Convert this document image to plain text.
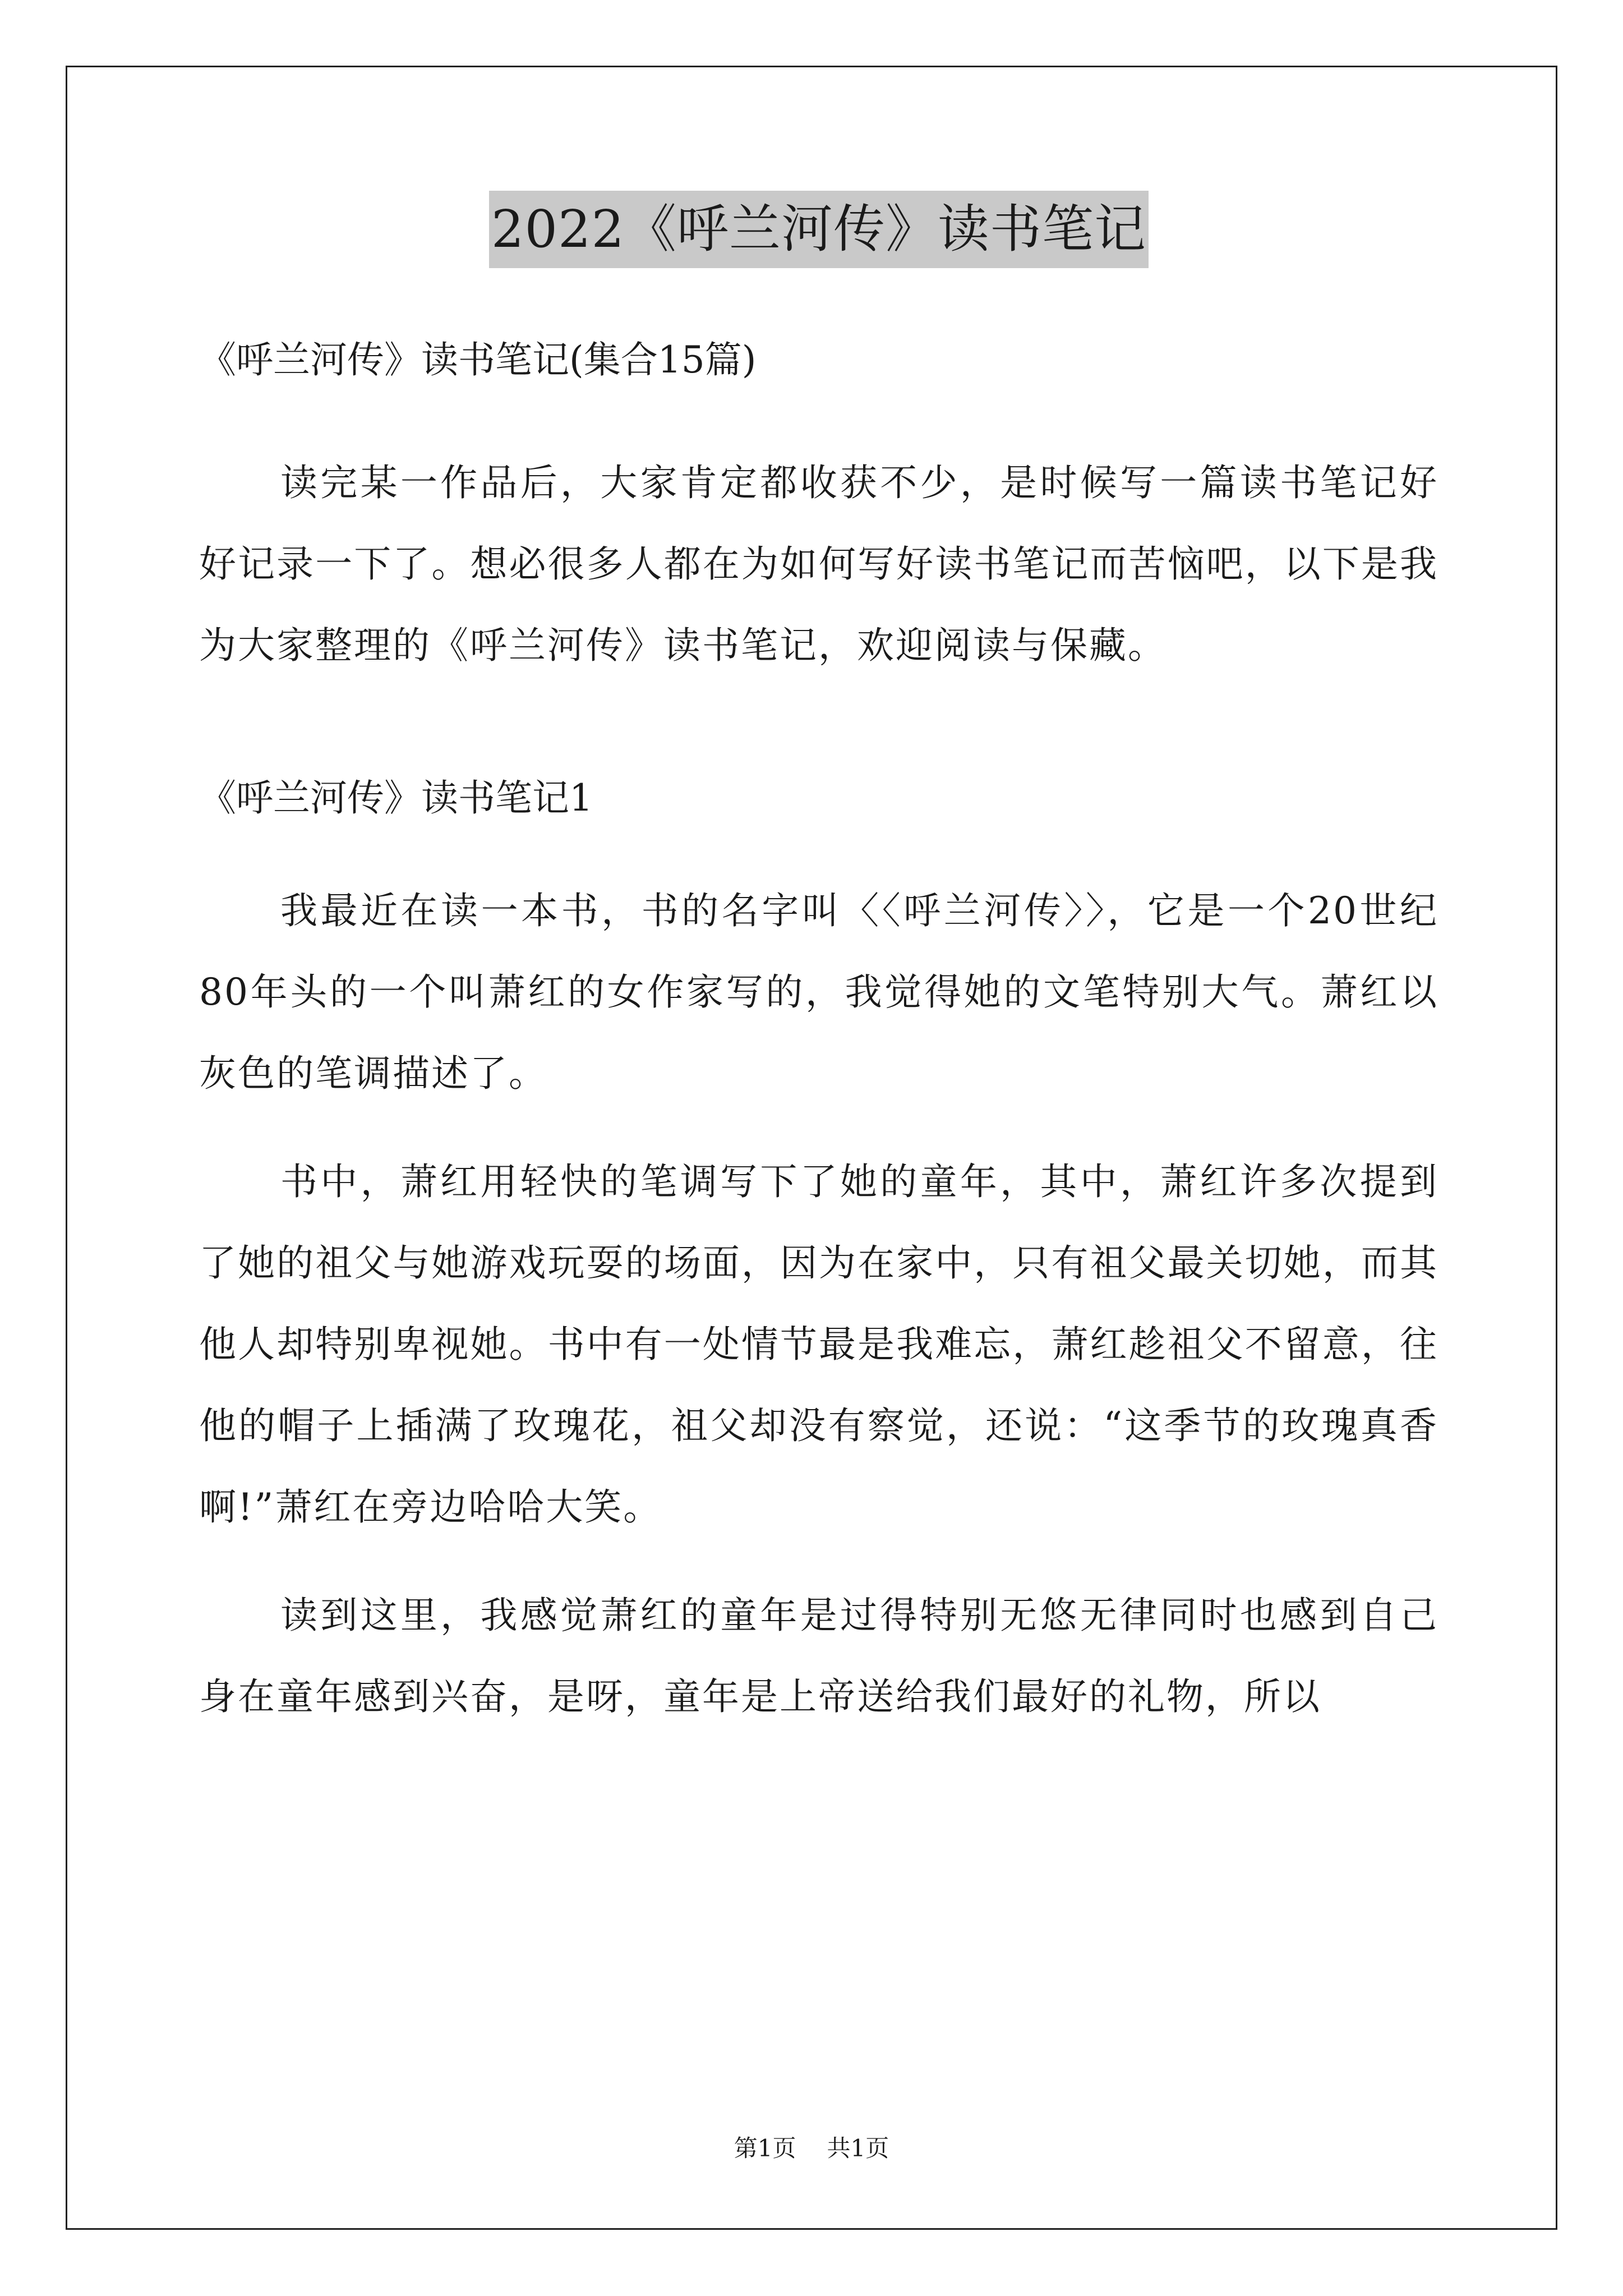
2022《呼兰河传》读书笔记

《呼兰河传》读书笔记(集合15篇)

读完某一作品后，大家肯定都收获不少，是时候写一篇读书笔记好好记录一下了。想必很多人都在为如何写好读书笔记而苦恼吧，以下是我为大家整理的《呼兰河传》读书笔记，欢迎阅读与保藏。

《呼兰河传》读书笔记1

我最近在读一本书，书的名字叫〈〈呼兰河传〉〉，它是一个20世纪80年头的一个叫萧红的女作家写的，我觉得她的文笔特别大气。萧红以灰色的笔调描述了。

书中，萧红用轻快的笔调写下了她的童年，其中，萧红许多次提到了她的祖父与她游戏玩耍的场面，因为在家中，只有祖父最关切她，而其他人却特别卑视她。书中有一处情节最是我难忘，萧红趁祖父不留意，往他的帽子上插满了玫瑰花，祖父却没有察觉，还说：“这季节的玫瑰真香啊!”萧红在旁边哈哈大笑。

读到这里，我感觉萧红的童年是过得特别无悠无律同时也感到自己身在童年感到兴奋，是呀，童年是上帝送给我们最好的礼物，所以

第1页 共1页
